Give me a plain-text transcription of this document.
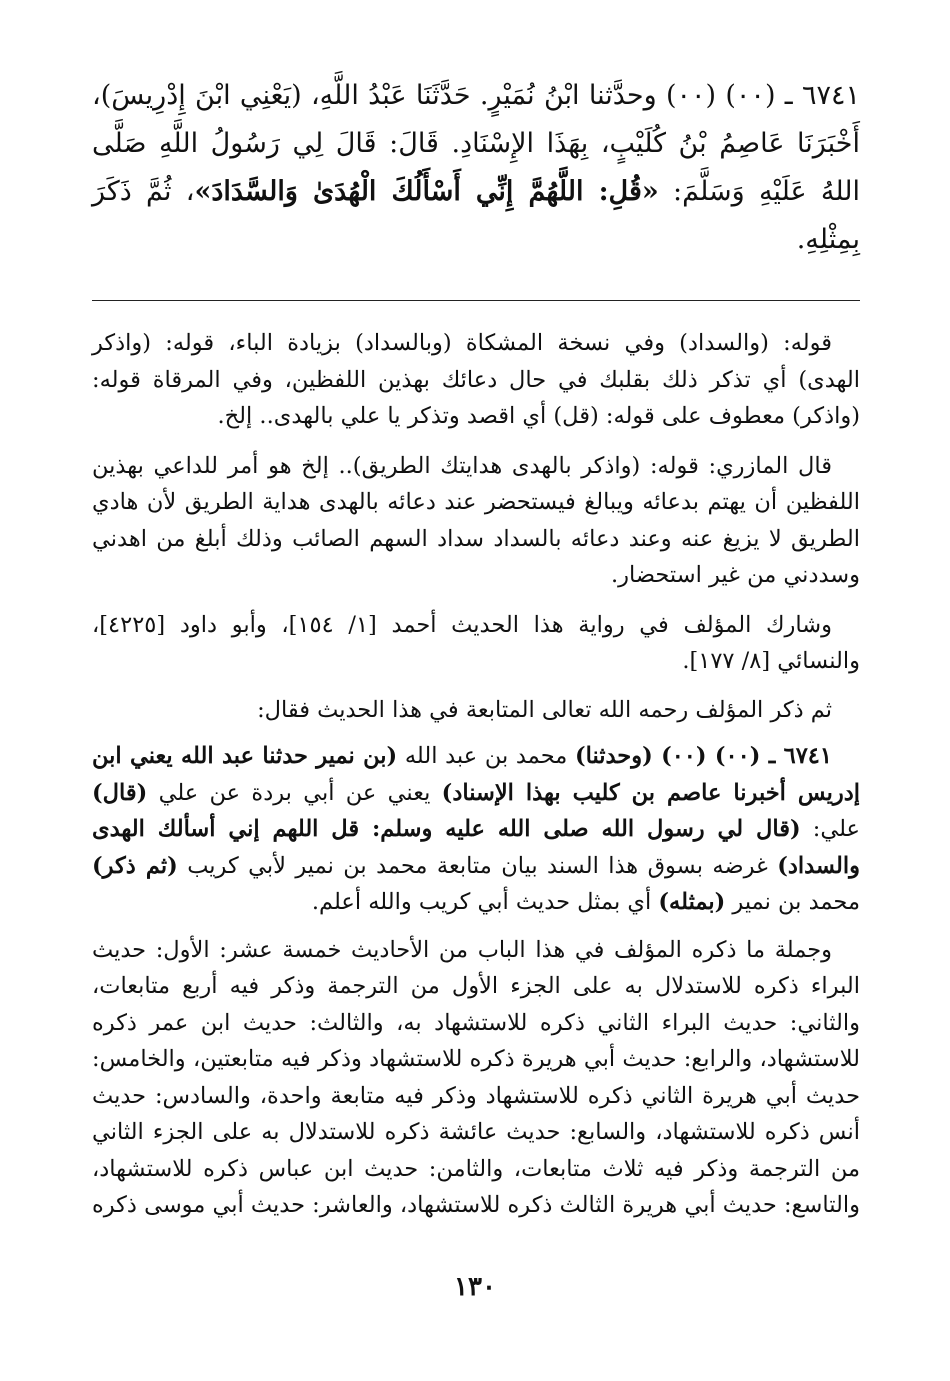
٦٧٤١ ـ (٠٠) (٠٠) وحدَّثنا ابْنُ نُمَيْرٍ. حَدَّثَنَا عَبْدُ اللَّهِ، (يَعْنِي ابْنَ إِدْرِيسَ)، أَخْبَرَنَا عَاصِمُ بْنُ كُلَيْبٍ، بِهَذَا الإِسْنَادِ. قَالَ: قَالَ لِي رَسُولُ اللَّهِ صَلَّى اللهُ عَلَيْهِ وَسَلَّمَ: «قُلِ: اللَّهُمَّ إِنِّي أَسْأَلُكَ الْهُدَىٰ وَالسَّدَادَ»، ثُمَّ ذَكَرَ بِمِثْلِهِ.

قوله: (والسداد) وفي نسخة المشكاة (وبالسداد) بزيادة الباء، قوله: (واذكر الهدى) أي تذكر ذلك بقلبك في حال دعائك بهذين اللفظين، وفي المرقاة قوله: (واذكر) معطوف على قوله: (قل) أي اقصد وتذكر يا علي بالهدى.. إلخ.

قال المازري: قوله: (واذكر بالهدى هدايتك الطريق).. إلخ هو أمر للداعي بهذين اللفظين أن يهتم بدعائه ويبالغ فيستحضر عند دعائه بالهدى هداية الطريق لأن هادي الطريق لا يزيغ عنه وعند دعائه بالسداد سداد السهم الصائب وذلك أبلغ من اهدني وسددني من غير استحضار.

وشارك المؤلف في رواية هذا الحديث أحمد [١/ ١٥٤]، وأبو داود [٤٢٢٥]، والنسائي [٨/ ١٧٧].

ثم ذكر المؤلف رحمه الله تعالى المتابعة في هذا الحديث فقال:

٦٧٤١ ـ (٠٠) (٠٠) (وحدثنا) محمد بن عبد الله (بن نمير حدثنا عبد الله يعني ابن إدريس أخبرنا عاصم بن كليب بهذا الإسناد) يعني عن أبي بردة عن علي (قال) علي: (قال لي رسول الله صلى الله عليه وسلم: قل اللهم إني أسألك الهدى والسداد) غرضه بسوق هذا السند بيان متابعة محمد بن نمير لأبي كريب (ثم ذكر) محمد بن نمير (بمثله) أي بمثل حديث أبي كريب والله أعلم.

وجملة ما ذكره المؤلف في هذا الباب من الأحاديث خمسة عشر: الأول: حديث البراء ذكره للاستدلال به على الجزء الأول من الترجمة وذكر فيه أربع متابعات، والثاني: حديث البراء الثاني ذكره للاستشهاد به، والثالث: حديث ابن عمر ذكره للاستشهاد، والرابع: حديث أبي هريرة ذكره للاستشهاد وذكر فيه متابعتين، والخامس: حديث أبي هريرة الثاني ذكره للاستشهاد وذكر فيه متابعة واحدة، والسادس: حديث أنس ذكره للاستشهاد، والسابع: حديث عائشة ذكره للاستدلال به على الجزء الثاني من الترجمة وذكر فيه ثلاث متابعات، والثامن: حديث ابن عباس ذكره للاستشهاد، والتاسع: حديث أبي هريرة الثالث ذكره للاستشهاد، والعاشر: حديث أبي موسى ذكره

١٣٠
